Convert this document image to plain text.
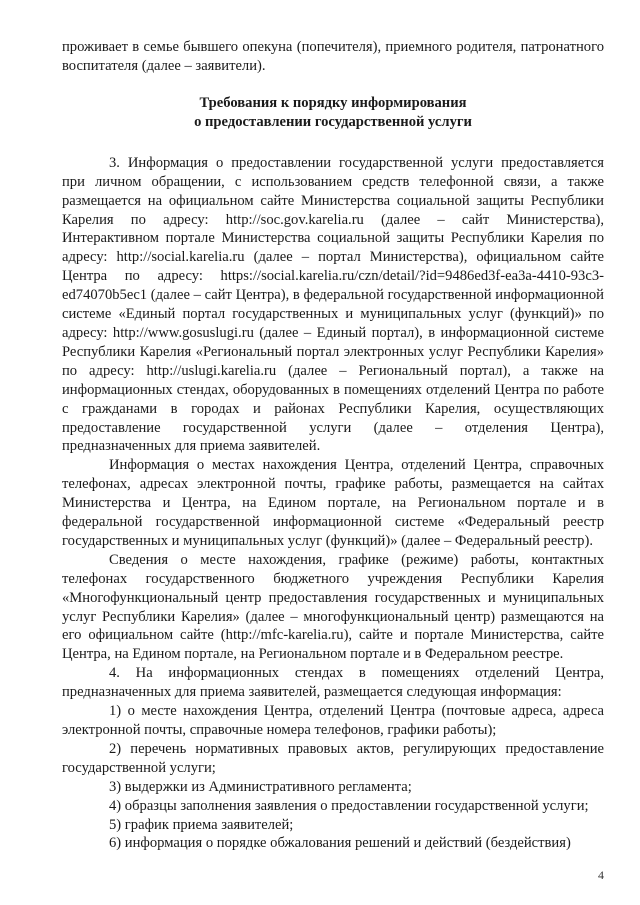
проживает в семье бывшего опекуна (попечителя), приемного родителя, патронатного воспитателя (далее – заявители).

Требования к порядку информирования
о предоставлении государственной услуги

3. Информация о предоставлении государственной услуги предоставляется при личном обращении, с использованием средств телефонной связи, а также размещается на официальном сайте Министерства социальной защиты Республики Карелия по адресу: http://soc.gov.karelia.ru (далее – сайт Министерства), Интерактивном портале Министерства социальной защиты Республики Карелия по адресу: http://social.karelia.ru (далее – портал Министерства), официальном сайте Центра по адресу: https://social.karelia.ru/czn/detail/?id=9486ed3f-ea3a-4410-93c3-ed74070b5ec1 (далее – сайт Центра), в федеральной государственной информационной системе «Единый портал государственных и муниципальных услуг (функций)» по адресу: http://www.gosuslugi.ru (далее – Единый портал), в информационной системе Республики Карелия «Региональный портал электронных услуг Республики Карелия» по адресу: http://uslugi.karelia.ru (далее – Региональный портал), а также на информационных стендах, оборудованных в помещениях отделений Центра по работе с гражданами в городах и районах Республики Карелия, осуществляющих предоставление государственной услуги (далее – отделения Центра), предназначенных для приема заявителей.

Информация о местах нахождения Центра, отделений Центра, справочных телефонах, адресах электронной почты, графике работы, размещается на сайтах Министерства и Центра, на Едином портале, на Региональном портале и в федеральной государственной информационной системе «Федеральный реестр государственных и муниципальных услуг (функций)» (далее – Федеральный реестр).

Сведения о месте нахождения, графике (режиме) работы, контактных телефонах государственного бюджетного учреждения Республики Карелия «Многофункциональный центр предоставления государственных и муниципальных услуг Республики Карелия» (далее – многофункциональный центр) размещаются на его официальном сайте (http://mfc-karelia.ru), сайте и портале Министерства, сайте Центра, на Едином портале, на Региональном портале и в Федеральном реестре.

4. На информационных стендах в помещениях отделений Центра, предназначенных для приема заявителей, размещается следующая информация:

1) о месте нахождения Центра, отделений Центра (почтовые адреса, адреса электронной почты, справочные номера телефонов, графики работы);

2) перечень нормативных правовых актов, регулирующих предоставление государственной услуги;

3) выдержки из Административного регламента;

4) образцы заполнения заявления о предоставлении государственной услуги;

5) график приема заявителей;

6) информация о порядке обжалования решений и действий (бездействия)

4
